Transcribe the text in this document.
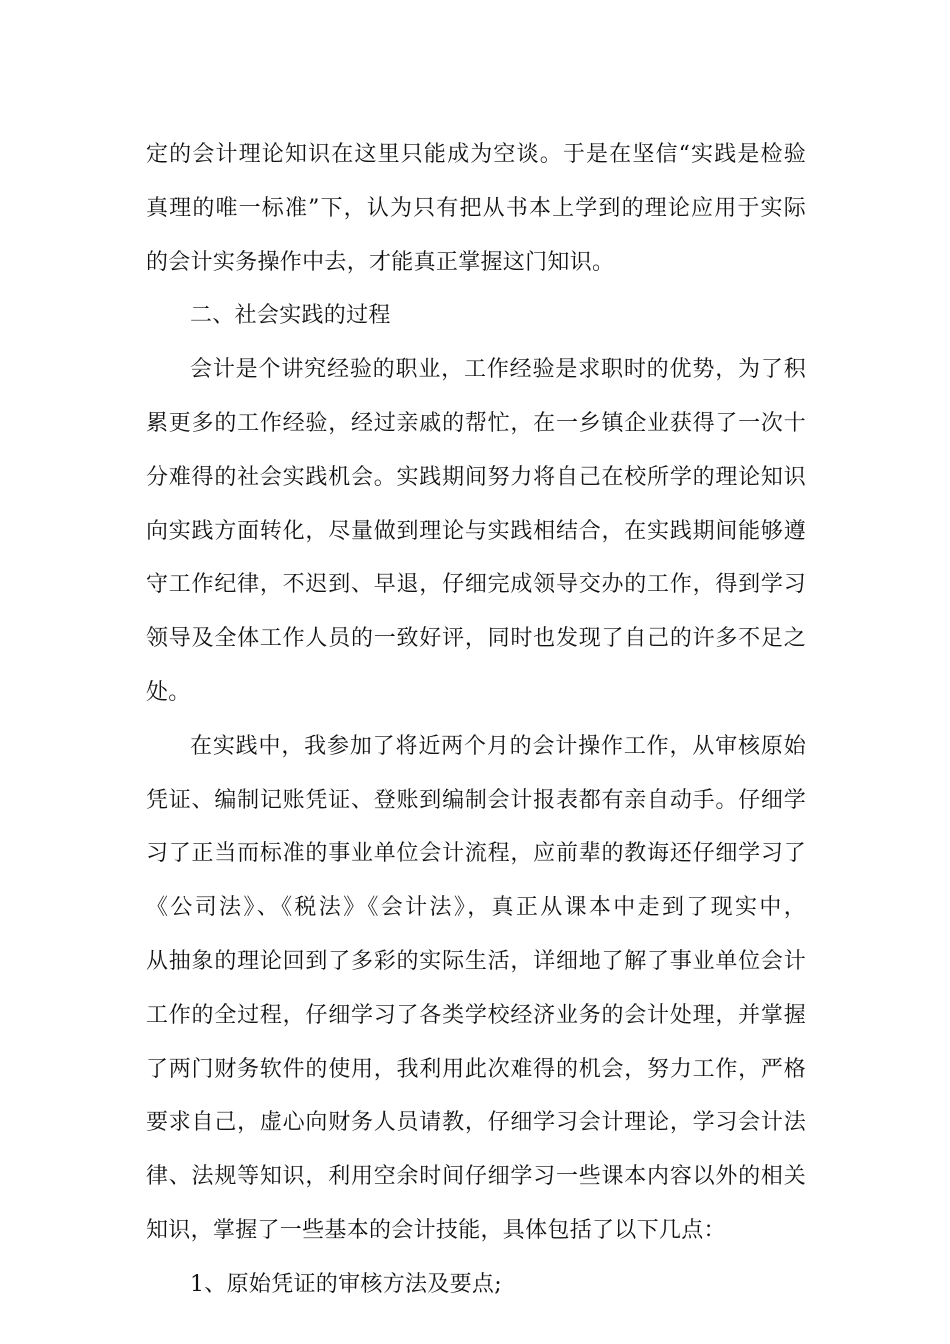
定的会计理论知识在这里只能成为空谈。于是在坚信“实践是检验
真理的唯一标准”下，认为只有把从书本上学到的理论应用于实际
的会计实务操作中去，才能真正掌握这门知识。
二、社会实践的过程
会计是个讲究经验的职业，工作经验是求职时的优势，为了积
累更多的工作经验，经过亲戚的帮忙，在一乡镇企业获得了一次十
分难得的社会实践机会。实践期间努力将自己在校所学的理论知识
向实践方面转化，尽量做到理论与实践相结合，在实践期间能够遵
守工作纪律，不迟到、早退，仔细完成领导交办的工作，得到学习
领导及全体工作人员的一致好评，同时也发现了自己的许多不足之
处。
在实践中，我参加了将近两个月的会计操作工作，从审核原始
凭证、编制记账凭证、登账到编制会计报表都有亲自动手。仔细学
习了正当而标准的事业单位会计流程，应前辈的教诲还仔细学习了
《公司法》、《税法》《会计法》，真正从课本中走到了现实中，
从抽象的理论回到了多彩的实际生活，详细地了解了事业单位会计
工作的全过程，仔细学习了各类学校经济业务的会计处理，并掌握
了两门财务软件的使用，我利用此次难得的机会，努力工作，严格
要求自己，虚心向财务人员请教，仔细学习会计理论，学习会计法
律、法规等知识，利用空余时间仔细学习一些课本内容以外的相关
知识，掌握了一些基本的会计技能，具体包括了以下几点：
1、原始凭证的审核方法及要点;
